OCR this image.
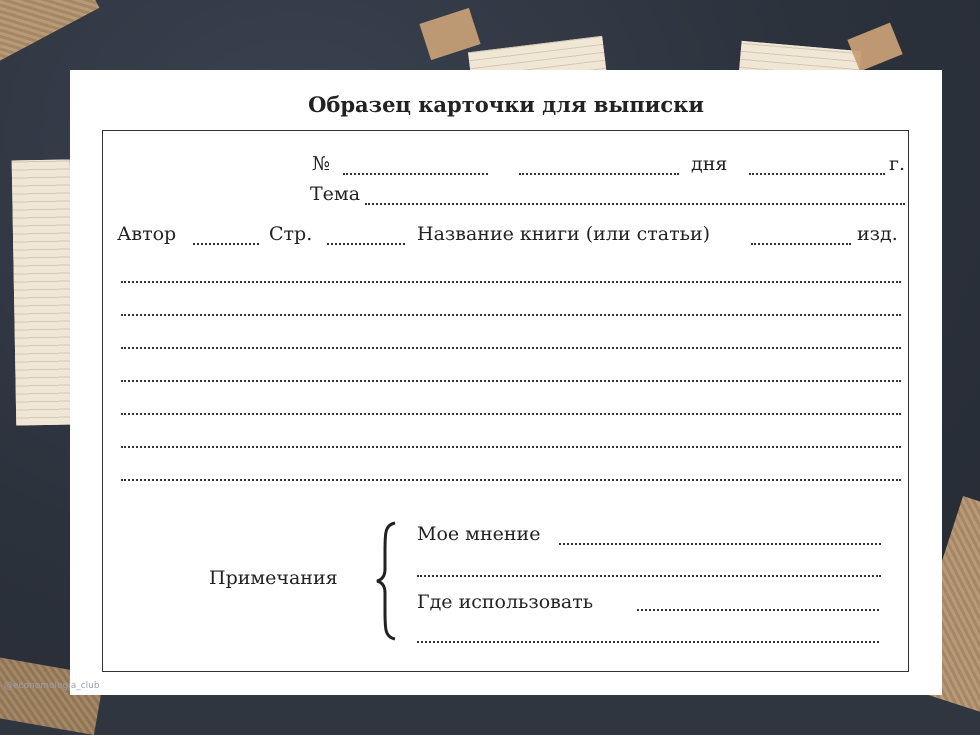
Образец карточки для выписки
№	дня	г.
Тема
Автор	Стр.	Название книги (или статьи)	изд.
Примечания
Мое мнение
Где использовать
@economologia_club
